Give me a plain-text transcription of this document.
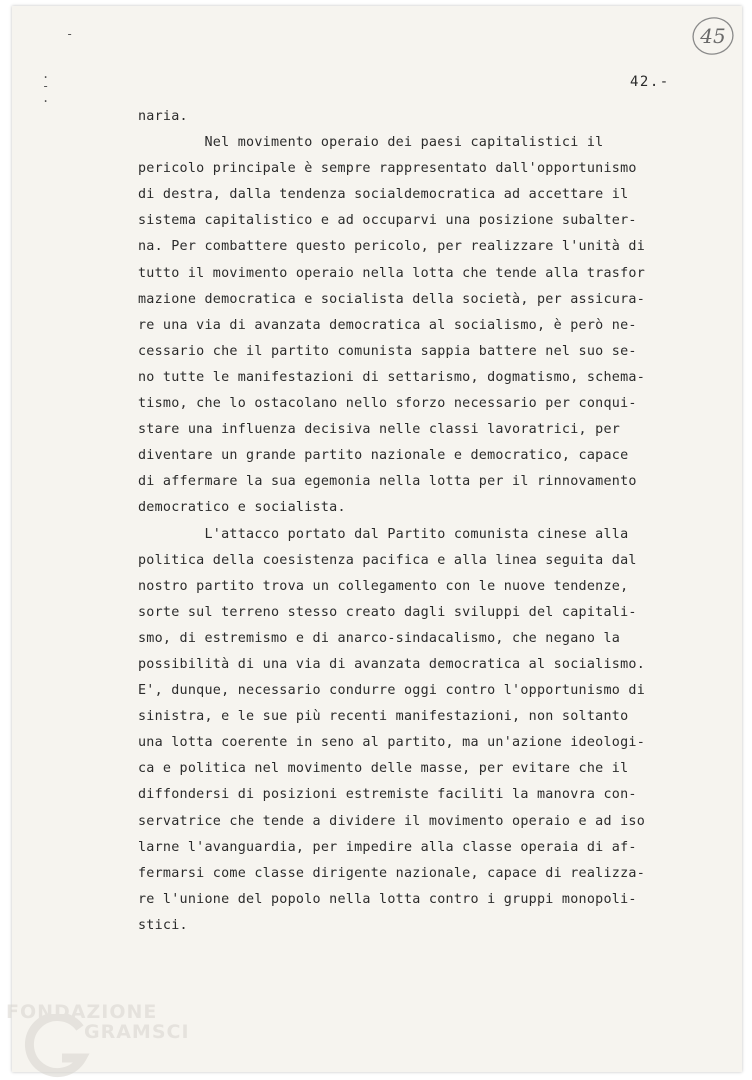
-
. - .
45
42.-
naria.
Nel movimento operaio dei paesi capitalistici il
pericolo principale è sempre rappresentato dall'opportunismo
di destra, dalla tendenza socialdemocratica ad accettare il
sistema capitalistico e ad occuparvi una posizione subalter-
na. Per combattere questo pericolo, per realizzare l'unità di
tutto il movimento operaio nella lotta che tende alla trasfor
mazione democratica e socialista della società, per assicura-
re una via di avanzata democratica al socialismo, è però ne-
cessario che il partito comunista sappia battere nel suo se-
no tutte le manifestazioni di settarismo, dogmatismo, schema-
tismo, che lo ostacolano nello sforzo necessario per conqui-
stare una influenza decisiva nelle classi lavoratrici, per
diventare un grande partito nazionale e democratico, capace
di affermare la sua egemonia nella lotta per il rinnovamento
democratico e socialista.
L'attacco portato dal Partito comunista cinese alla
politica della coesistenza pacifica e alla linea seguita dal
nostro partito trova un collegamento con le nuove tendenze,
sorte sul terreno stesso creato dagli sviluppi del capitali-
smo, di estremismo e di anarco-sindacalismo, che negano la
possibilità di una via di avanzata democratica al socialismo.
E', dunque, necessario condurre oggi contro l'opportunismo di
sinistra, e le sue più recenti manifestazioni, non soltanto
una lotta coerente in seno al partito, ma un'azione ideologi-
ca e politica nel movimento delle masse, per evitare che il
diffondersi di posizioni estremiste faciliti la manovra con-
servatrice che tende a dividere il movimento operaio e ad iso
larne l'avanguardia, per impedire alla classe operaia di af-
fermarsi come classe dirigente nazionale, capace di realizza-
re l'unione del popolo nella lotta contro i gruppi monopoli-
stici.
FONDAZIONE
GRAMSCI
